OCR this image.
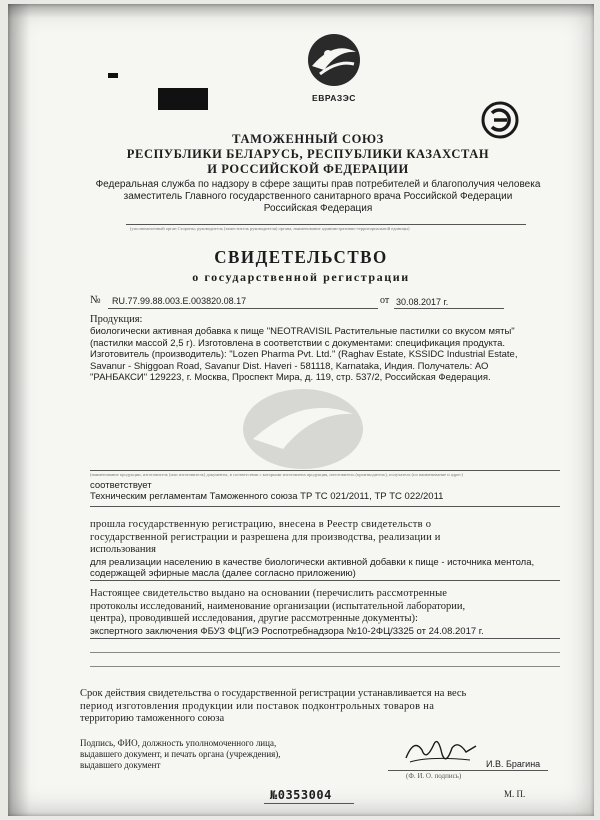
ЕВРАЗЭС
ТАМОЖЕННЫЙ СОЮЗ
РЕСПУБЛИКИ БЕЛАРУСЬ, РЕСПУБЛИКИ КАЗАХСТАН
И РОССИЙСКОЙ ФЕДЕРАЦИИ
Федеральная служба по надзору в сфере защиты прав потребителей и благополучия человека
заместитель Главного государственного санитарного врача Российской Федерации
Российская Федерация
(уполномоченный орган Стороны; руководитель (заместитель руководителя) органа, наименование административно-территориальной единицы)
СВИДЕТЕЛЬСТВО
о государственной регистрации
№ RU.77.99.88.003.E.003820.08.17	от 30.08.2017 г.
Продукция:
биологически активная добавка к пище "NEOTRAVISIL Растительные пастилки со вкусом мяты"
(пастилки массой 2,5 г). Изготовлена в соответствии с документами: спецификация продукта.
Изготовитель (производитель): "Lozen Pharma Pvt. Ltd." (Raghav Estate, KSSIDC Industrial Estate,
Savanur - Shiggoan Road, Savanur Dist. Haveri - 581118, Karnataka, Индия. Получатель: АО
"РАНБАКСИ" 129223, г. Москва, Проспект Мира, д. 119, стр. 537/2, Российская Федерация.
(наименование продукции, изготовитель (или изготовитель) документы, в соответствии с которыми изготовлена продукция, изготовитель (производитель), получатель (по наименование и адрес)
соответствует
Техническим регламентам Таможенного союза ТР ТС 021/2011, ТР ТС 022/2011
прошла государственную регистрацию, внесена в Реестр свидетельств о
государственной регистрации и разрешена для производства, реализации и
использования
для реализации населению в качестве биологически активной добавки к пище - источника ментола,
содержащей эфирные масла (далее согласно приложению)
Настоящее свидетельство выдано на основании (перечислить рассмотренные
протоколы исследований, наименование организации (испытательной лаборатории,
центра), проводившей исследования, другие рассмотренные документы):
экспертного заключения ФБУЗ ФЦГиЭ Роспотребнадзора №10-2ФЦ/3325 от 24.08.2017 г.
Срок действия свидетельства о государственной регистрации устанавливается на весь
период изготовления продукции или поставок подконтрольных товаров на
территорию таможенного союза
Подпись, ФИО, должность уполномоченного лица,
выдавшего документ, и печать органа (учреждения),
выдавшего документ	И.В. Брагина
(Ф. И. О. подпись)
№0353004	М. П.
